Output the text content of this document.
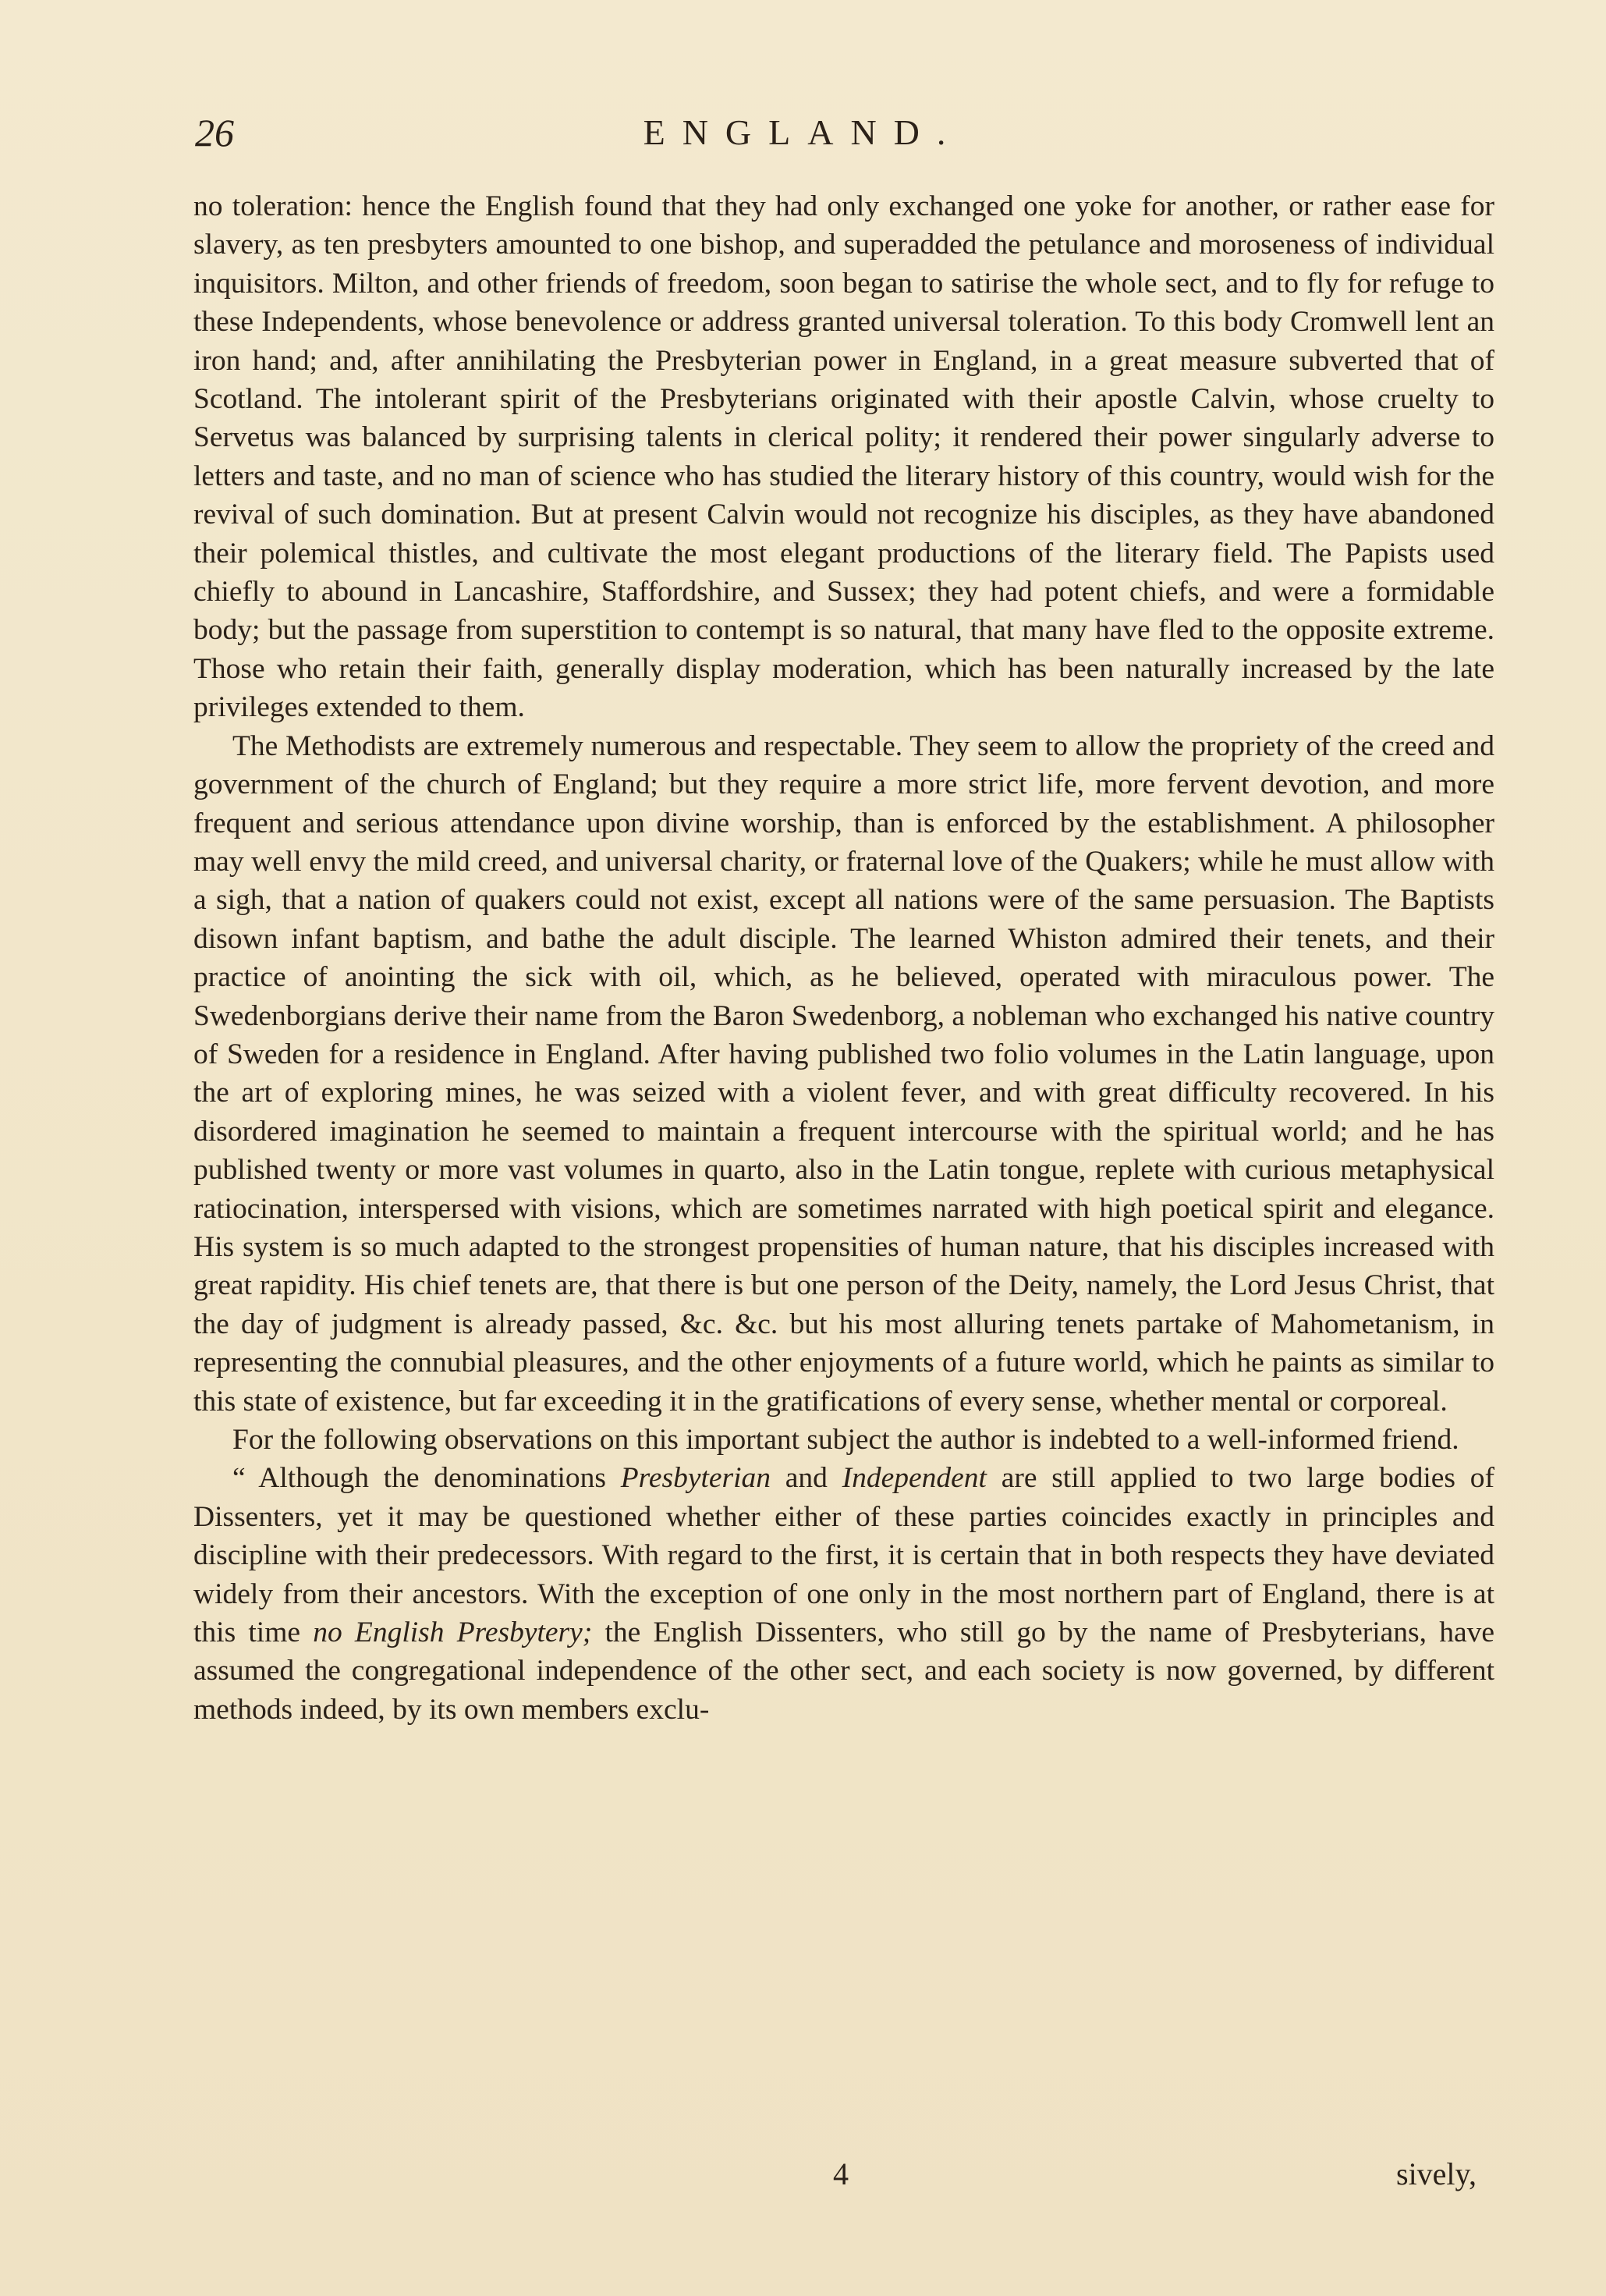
26	ENGLAND.

no toleration: hence the English found that they had only exchanged one yoke for another, or rather ease for slavery, as ten presbyters amounted to one bishop, and superadded the petulance and moroseness of individual inquisitors. Milton, and other friends of freedom, soon began to satirise the whole sect, and to fly for refuge to these Independents, whose benevolence or address granted universal toleration. To this body Cromwell lent an iron hand; and, after annihilating the Presbyterian power in England, in a great measure subverted that of Scotland. The intolerant spirit of the Presbyterians originated with their apostle Calvin, whose cruelty to Servetus was balanced by surprising talents in clerical polity; it rendered their power singularly adverse to letters and taste, and no man of science who has studied the literary history of this country, would wish for the revival of such domination. But at present Calvin would not recognize his disciples, as they have abandoned their polemical thistles, and cultivate the most elegant productions of the literary field. The Papists used chiefly to abound in Lancashire, Staffordshire, and Sussex; they had potent chiefs, and were a formidable body; but the passage from superstition to contempt is so natural, that many have fled to the opposite extreme. Those who retain their faith, generally display moderation, which has been naturally increased by the late privileges extended to them.

The Methodists are extremely numerous and respectable. They seem to allow the propriety of the creed and government of the church of England; but they require a more strict life, more fervent devotion, and more frequent and serious attendance upon divine worship, than is enforced by the establishment. A philosopher may well envy the mild creed, and universal charity, or fraternal love of the Quakers; while he must allow with a sigh, that a nation of quakers could not exist, except all nations were of the same persuasion. The Baptists disown infant baptism, and bathe the adult disciple. The learned Whiston admired their tenets, and their practice of anointing the sick with oil, which, as he believed, operated with miraculous power. The Swedenborgians derive their name from the Baron Swedenborg, a nobleman who exchanged his native country of Sweden for a residence in England. After having published two folio volumes in the Latin language, upon the art of exploring mines, he was seized with a violent fever, and with great difficulty recovered. In his disordered imagination he seemed to maintain a frequent intercourse with the spiritual world; and he has published twenty or more vast volumes in quarto, also in the Latin tongue, replete with curious metaphysical ratiocination, interspersed with visions, which are sometimes narrated with high poetical spirit and elegance. His system is so much adapted to the strongest propensities of human nature, that his disciples increased with great rapidity. His chief tenets are, that there is but one person of the Deity, namely, the Lord Jesus Christ, that the day of judgment is already passed, &c. &c. but his most alluring tenets partake of Mahometanism, in representing the connubial pleasures, and the other enjoyments of a future world, which he paints as similar to this state of existence, but far exceeding it in the gratifications of every sense, whether mental or corporeal.

For the following observations on this important subject the author is indebted to a well-informed friend.

“ Although the denominations Presbyterian and Independent are still applied to two large bodies of Dissenters, yet it may be questioned whether either of these parties coincides exactly in principles and discipline with their predecessors. With regard to the first, it is certain that in both respects they have deviated widely from their ancestors. With the exception of one only in the most northern part of England, there is at this time no English Presbytery; the English Dissenters, who still go by the name of Presbyterians, have assumed the congregational independence of the other sect, and each society is now governed, by different methods indeed, by its own members exclu-

4	sively,
